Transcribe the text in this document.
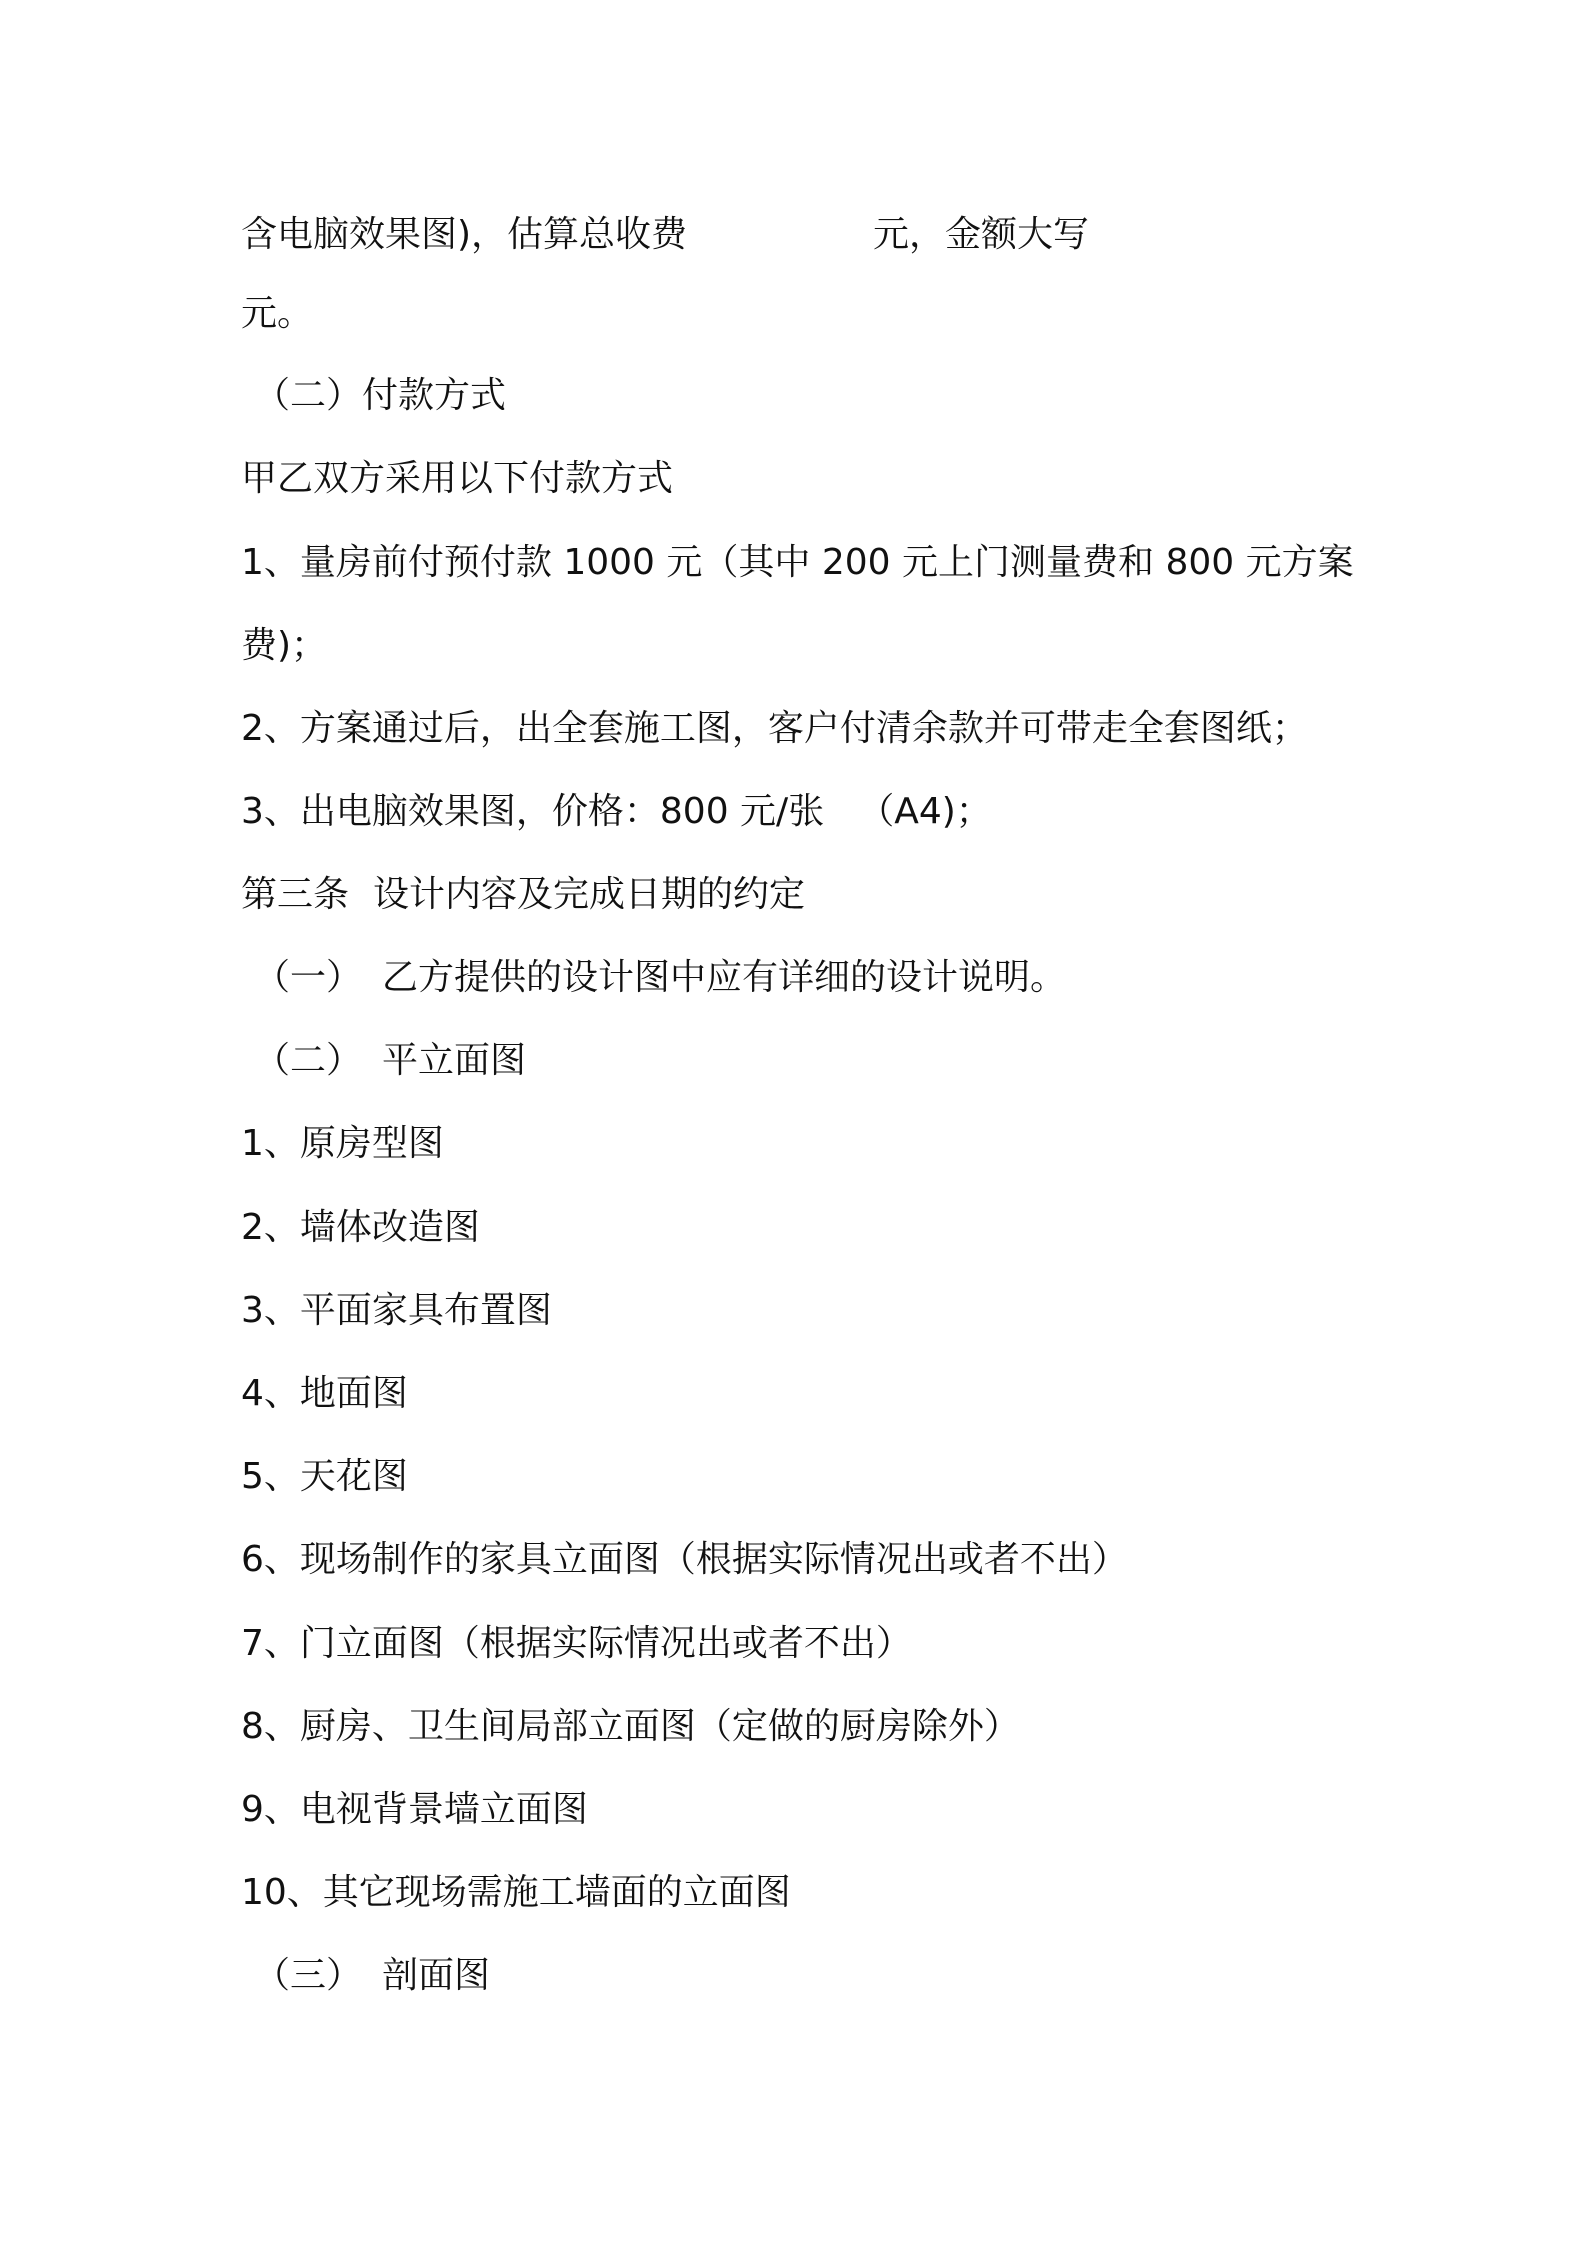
含电脑效果图)，估算总收费	元，金额大写
元。
（二）付款方式
甲乙双方采用以下付款方式
1、量房前付预付款 1000 元（其中 200 元上门测量费和 800 元方案
费)；
2、方案通过后，出全套施工图，客户付清余款并可带走全套图纸；
3、出电脑效果图，价格：800 元/张 （A4)；
第三条 设计内容及完成日期的约定
（一） 乙方提供的设计图中应有详细的设计说明。
（二） 平立面图
1、原房型图
2、墙体改造图
3、平面家具布置图
4、地面图
5、天花图
6、现场制作的家具立面图（根据实际情况出或者不出）
7、门立面图（根据实际情况出或者不出）
8、厨房、卫生间局部立面图（定做的厨房除外）
9、电视背景墙立面图
10、其它现场需施工墙面的立面图
（三） 剖面图
